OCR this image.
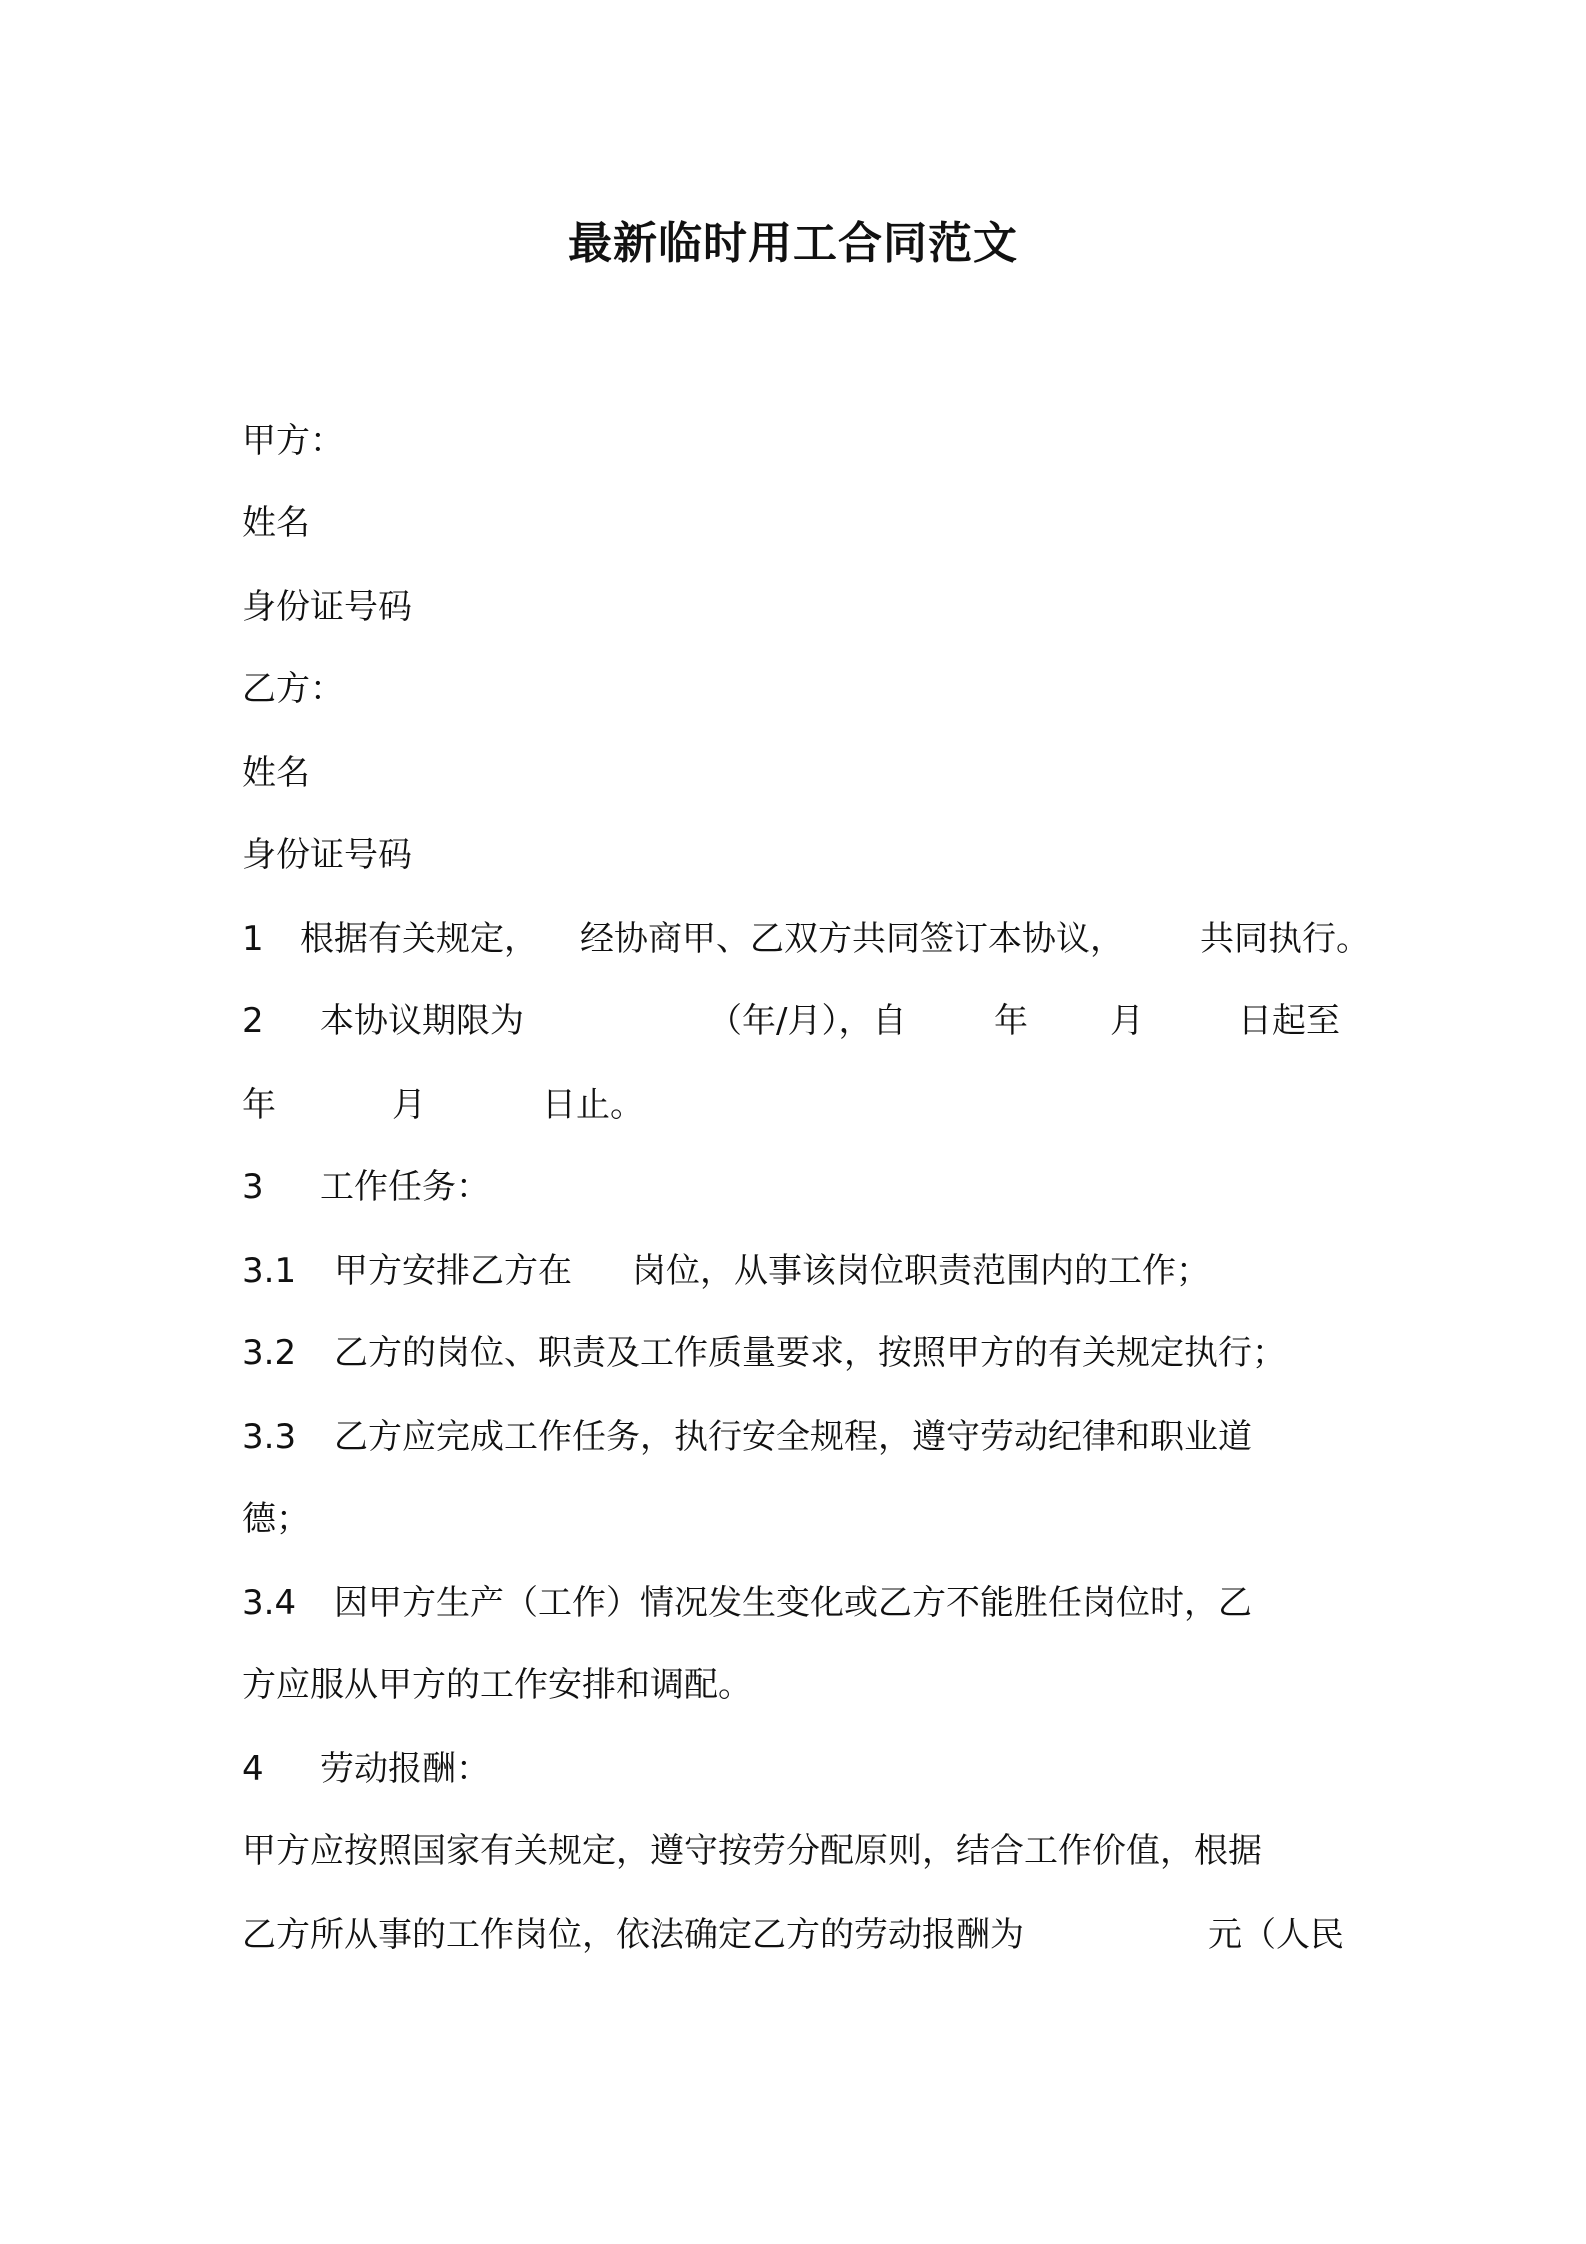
最新临时用工合同范文
甲方：
姓名
身份证号码
乙方：
姓名
身份证号码
1 根据有关规定， 经协商甲、乙双方共同签订本协议， 共同执行。
2 本协议期限为	（年/月），自	年 月	日起至
年	月	日止。
3 工作任务：
3.1 甲方安排乙方在 岗位，从事该岗位职责范围内的工作；
3.2 乙方的岗位、职责及工作质量要求，按照甲方的有关规定执行；
3.3 乙方应完成工作任务，执行安全规程，遵守劳动纪律和职业道
德；
3.4 因甲方生产（工作）情况发生变化或乙方不能胜任岗位时，乙
方应服从甲方的工作安排和调配。
4 劳动报酬：
甲方应按照国家有关规定，遵守按劳分配原则，结合工作价值，根据
乙方所从事的工作岗位，依法确定乙方的劳动报酬为	元（人民
